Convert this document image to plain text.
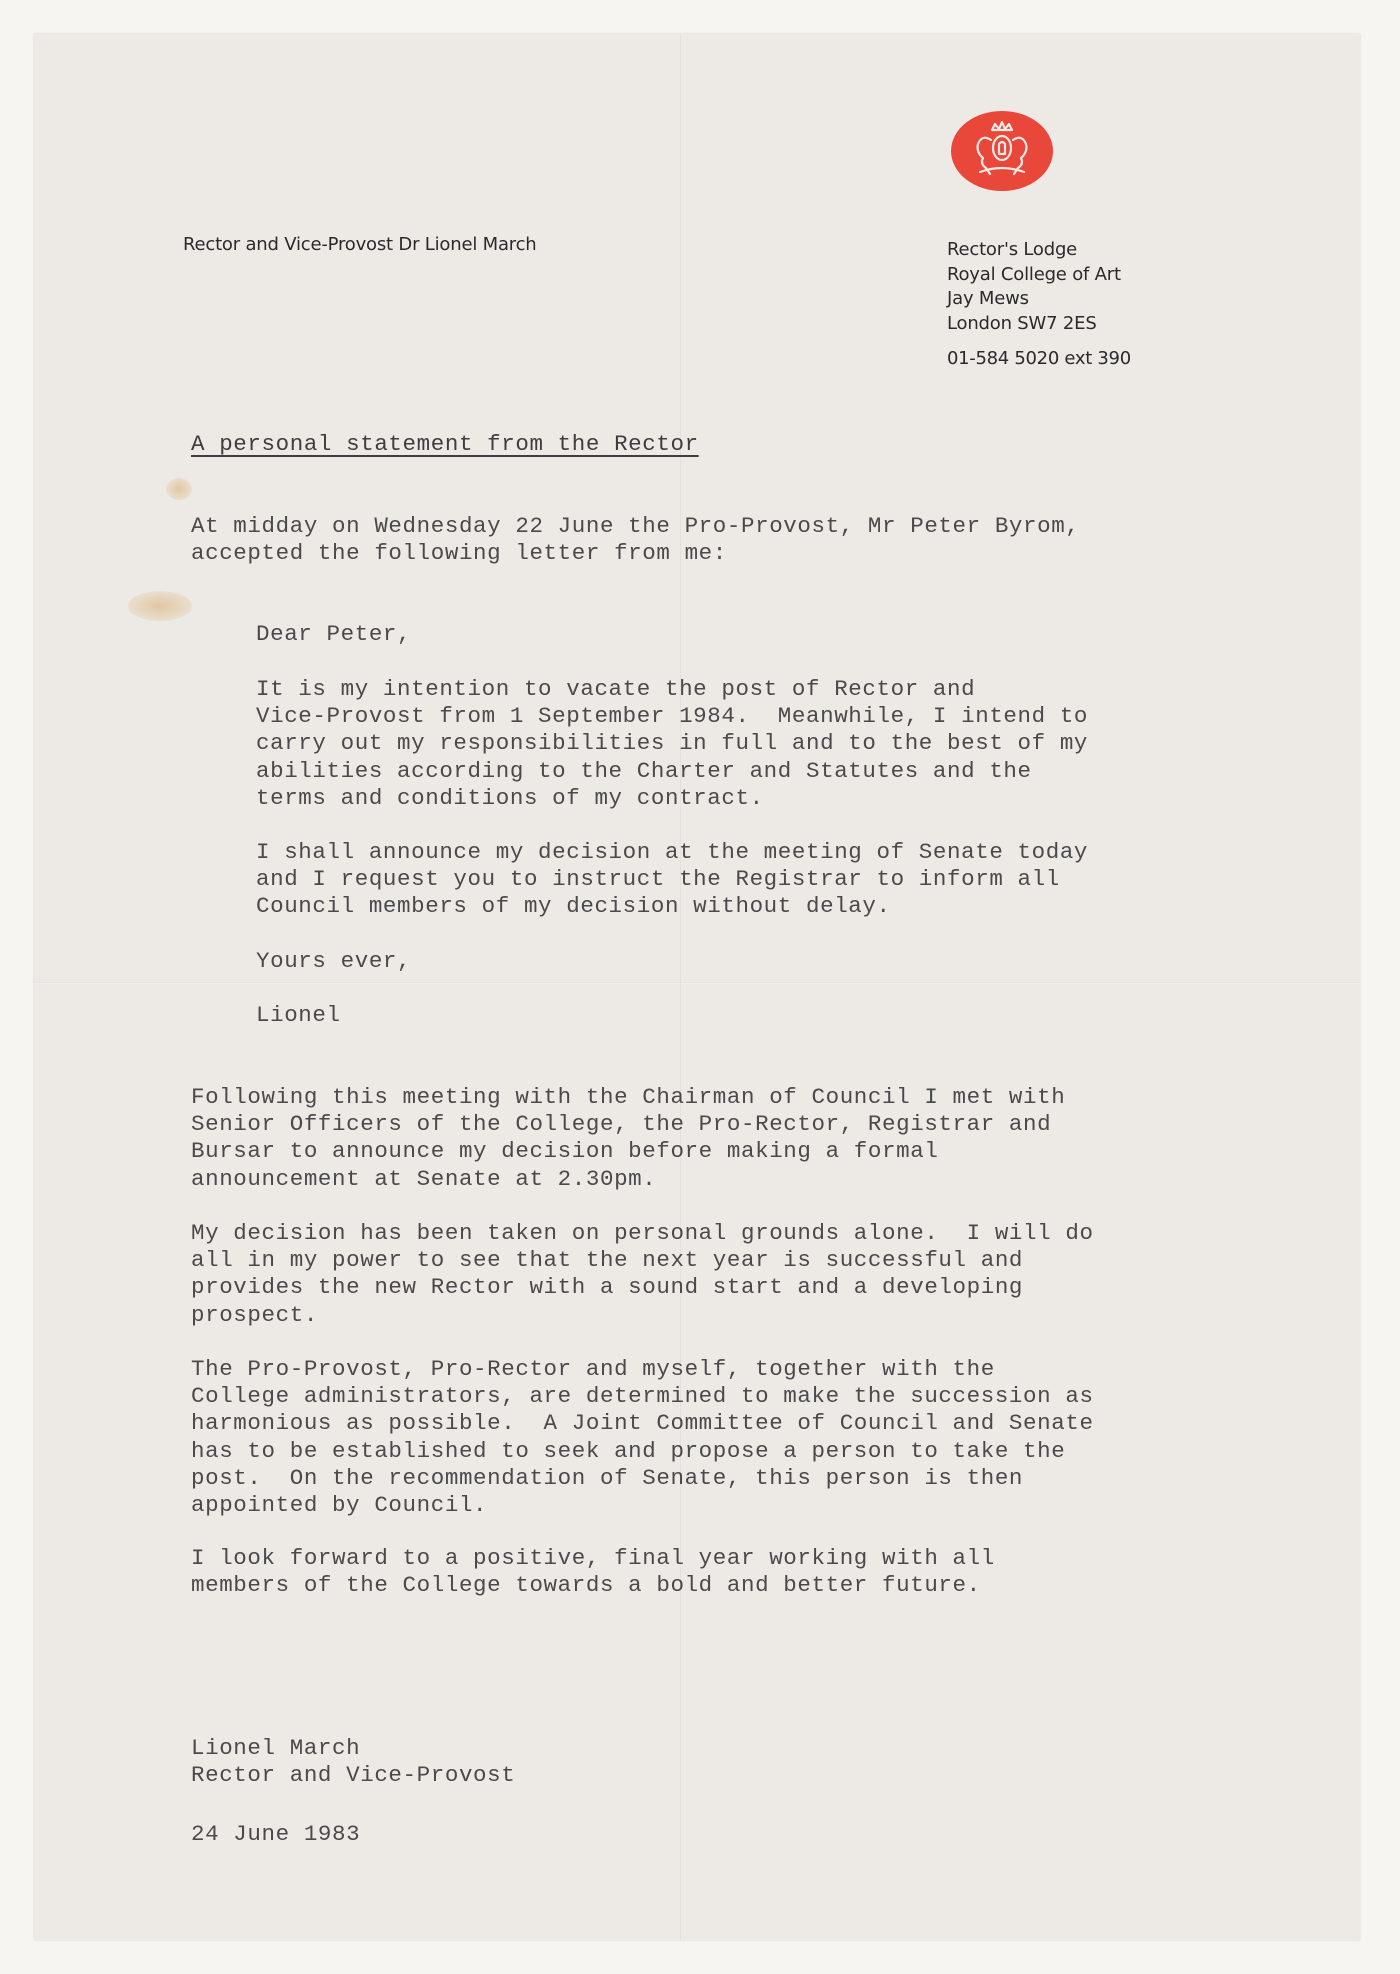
Rector and Vice-Provost Dr Lionel March	Rector's Lodge
Royal College of Art
Jay Mews
London SW7 2ES
01-584 5020 ext 390
A personal statement from the Rector
At midday on Wednesday 22 June the Pro-Provost, Mr Peter Byrom,
accepted the following letter from me:
Dear Peter,
It is my intention to vacate the post of Rector and
Vice-Provost from 1 September 1984.  Meanwhile, I intend to
carry out my responsibilities in full and to the best of my
abilities according to the Charter and Statutes and the
terms and conditions of my contract.
I shall announce my decision at the meeting of Senate today
and I request you to instruct the Registrar to inform all
Council members of my decision without delay.
Yours ever,
Lionel
Following this meeting with the Chairman of Council I met with
Senior Officers of the College, the Pro-Rector, Registrar and
Bursar to announce my decision before making a formal
announcement at Senate at 2.30pm.
My decision has been taken on personal grounds alone.  I will do
all in my power to see that the next year is successful and
provides the new Rector with a sound start and a developing
prospect.
The Pro-Provost, Pro-Rector and myself, together with the
College administrators, are determined to make the succession as
harmonious as possible.  A Joint Committee of Council and Senate
has to be established to seek and propose a person to take the
post.  On the recommendation of Senate, this person is then
appointed by Council.
I look forward to a positive, final year working with all
members of the College towards a bold and better future.
Lionel March
Rector and Vice-Provost
24 June 1983
